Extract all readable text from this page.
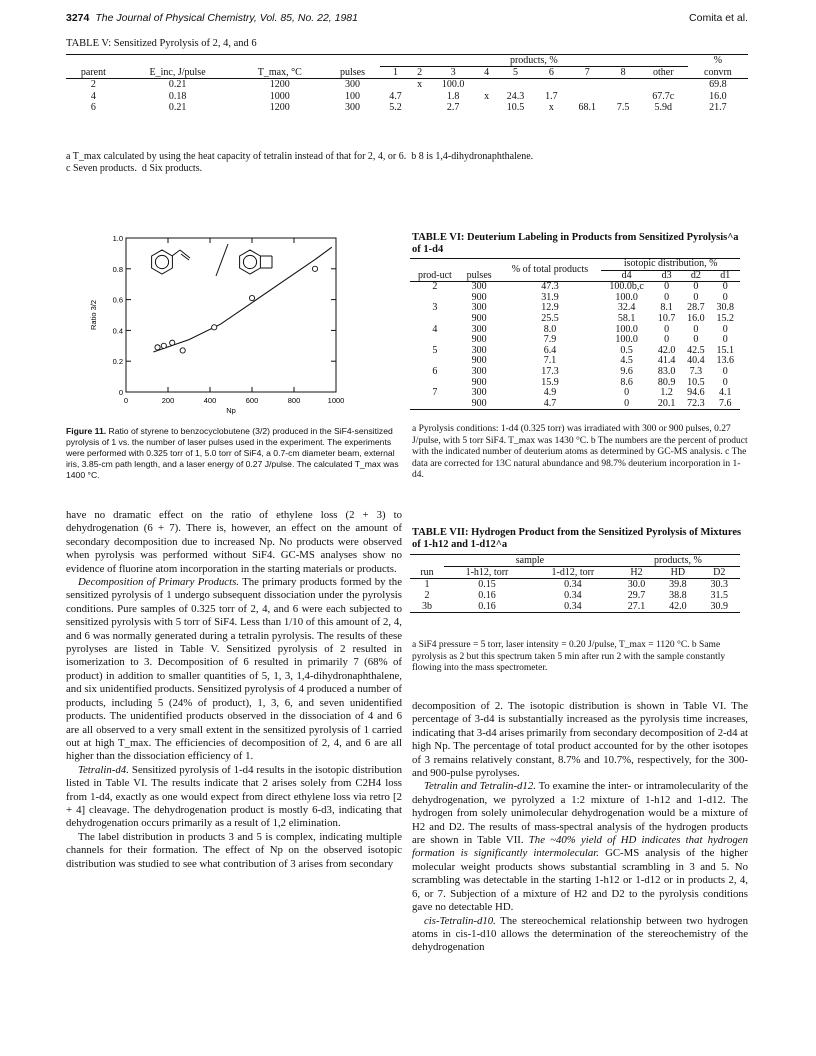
3274 The Journal of Physical Chemistry, Vol. 85, No. 22, 1981	Comita et al.
TABLE V: Sensitized Pyrolysis of 2, 4, and 6
				products, %									%
parent	E_inc, J/pulse	T_max, °C	pulses	1	2	3	4	5	6	7	8	other	convrn
2	0.21	1200	300		x	100.0							69.8
4	0.18	1000	100	4.7		1.8	x	24.3	1.7			67.7c	16.0
6	0.21	1200	300	5.2		2.7		10.5	x	68.1	7.5	5.9d	21.7
a T_max calculated by using the heat capacity of tetralin instead of that for 2, 4, or 6. b 8 is 1,4-dihydronaphthalene.
c Seven products. d Six products.
0	200	400	600	800	1000
0
0.2
0.4
0.6
0.8
1.0
Ratio 3/2
Np
Figure 11. Ratio of styrene to benzocyclobutene (3/2) produced in the SiF4-sensitized pyrolysis of 1 vs. the number of laser pulses used in the experiment. The experiments were performed with 0.325 torr of 1, 5.0 torr of SiF4, a 0.7-cm diameter beam, external iris, 3.85-cm path length, and a laser energy of 0.27 J/pulse. The calculated T_max was 1400 °C.

have no dramatic effect on the ratio of ethylene loss (2 + 3) to dehydrogenation (6 + 7). There is, however, an effect on the amount of secondary decomposition due to increased Np. No products were observed when pyrolysis was performed without SiF4. GC-MS analyses show no evidence of fluorine atom incorporation in the starting materials or products.

Decomposition of Primary Products. The primary products formed by the sensitized pyrolysis of 1 undergo subsequent dissociation under the pyrolysis conditions. Pure samples of 0.325 torr of 2, 4, and 6 were each subjected to sensitized pyrolysis with 5 torr of SiF4. Less than 1/10 of this amount of 2, 4, and 6 was normally generated during a tetralin pyrolysis. The results of these pyrolyses are listed in Table V. Sensitized pyrolysis of 2 resulted in isomerization to 3. Decomposition of 6 resulted in primarily 7 (68% of product) in addition to smaller quantities of 5, 1, 3, 1,4-dihydronaphthalene, and six unidentified products. Sensitized pyrolysis of 4 produced a number of products, including 5 (24% of product), 1, 3, 6, and seven unidentified products. The unidentified products observed in the dissociation of 4 and 6 are all observed to a very small extent in the sensitized pyrolysis of 1 carried out at high T_max. The efficiencies of decomposition of 2, 4, and 6 are all higher than the dissociation efficiency of 1.

Tetralin-d4. Sensitized pyrolysis of 1-d4 results in the isotopic distribution listed in Table VI. The results indicate that 2 arises solely from C2H4 loss from 1-d4, exactly as one would expect from direct ethylene loss via retro [2 + 4] cleavage. The dehydrogenation product is mostly 6-d3, indicating that dehydrogenation occurs primarily as a result of 1,2 elimination.

The label distribution in products 3 and 5 is complex, indicating multiple channels for their formation. The effect of Np on the observed isotopic distribution was studied to see what contribution of 3 arises from secondary

TABLE VI: Deuterium Labeling in Products from Sensitized Pyrolysis^a of 1-d4
prod-uct	pulses	% of total products	isotopic distribution, %			
			d4	d3	d2	d1
2	300	47.3	100.0b,c	0	0	0
	900	31.9	100.0	0	0	0
3	300	12.9	32.4	8.1	28.7	30.8
	900	25.5	58.1	10.7	16.0	15.2
4	300	8.0	100.0	0	0	0
	900	7.9	100.0	0	0	0
5	300	6.4	0.5	42.0	42.5	15.1
	900	7.1	4.5	41.4	40.4	13.6
6	300	17.3	9.6	83.0	7.3	0
	900	15.9	8.6	80.9	10.5	0
7	300	4.9	0	1.2	94.6	4.1
	900	4.7	0	20.1	72.3	7.6
a Pyrolysis conditions: 1-d4 (0.325 torr) was irradiated with 300 or 900 pulses, 0.27 J/pulse, with 5 torr SiF4. T_max was 1430 °C. b The numbers are the percent of product with the indicated number of deuterium atoms as determined by GC-MS analysis. c The data are corrected for 13C natural abundance and 98.7% deuterium incorporation in 1-d4.
TABLE VII: Hydrogen Product from the Sensitized Pyrolysis of Mixtures of 1-h12 and 1-d12^a
	sample		products, %		
run	1-h12, torr	1-d12, torr	H2	HD	D2
1	0.15	0.34	30.0	39.8	30.3
2	0.16	0.34	29.7	38.8	31.5
3b	0.16	0.34	27.1	42.0	30.9
a SiF4 pressure = 5 torr, laser intensity = 0.20 J/pulse, T_max = 1120 °C. b Same pyrolysis as 2 but this spectrum taken 5 min after run 2 with the sample constantly flowing into the mass spectrometer.

decomposition of 2. The isotopic distribution is shown in Table VI. The percentage of 3-d4 is substantially increased as the pyrolysis time increases, indicating that 3-d4 arises primarily from secondary decomposition of 2-d4 at high Np. The percentage of total product accounted for by the other isotopes of 3 remains relatively constant, 8.7% and 10.7%, respectively, for the 300- and 900-pulse pyrolyses.

Tetralin and Tetralin-d12. To examine the inter- or intramolecularity of the dehydrogenation, we pyrolyzed a 1:2 mixture of 1-h12 and 1-d12. The hydrogen from solely unimolecular dehydrogenation would be a mixture of H2 and D2. The results of mass-spectral analysis of the hydrogen products are shown in Table VII. The ~40% yield of HD indicates that hydrogen formation is significantly intermolecular. GC-MS analysis of the higher molecular weight products shows substantial scrambling in 3 and 5. No scrambling was detectable in the starting 1-h12 or 1-d12 or in products 2, 4, 6, or 7. Subjection of a mixture of H2 and D2 to the pyrolysis conditions gave no detectable HD.

cis-Tetralin-d10. The stereochemical relationship between two hydrogen atoms in cis-1-d10 allows the determination of the stereochemistry of the dehydrogenation
